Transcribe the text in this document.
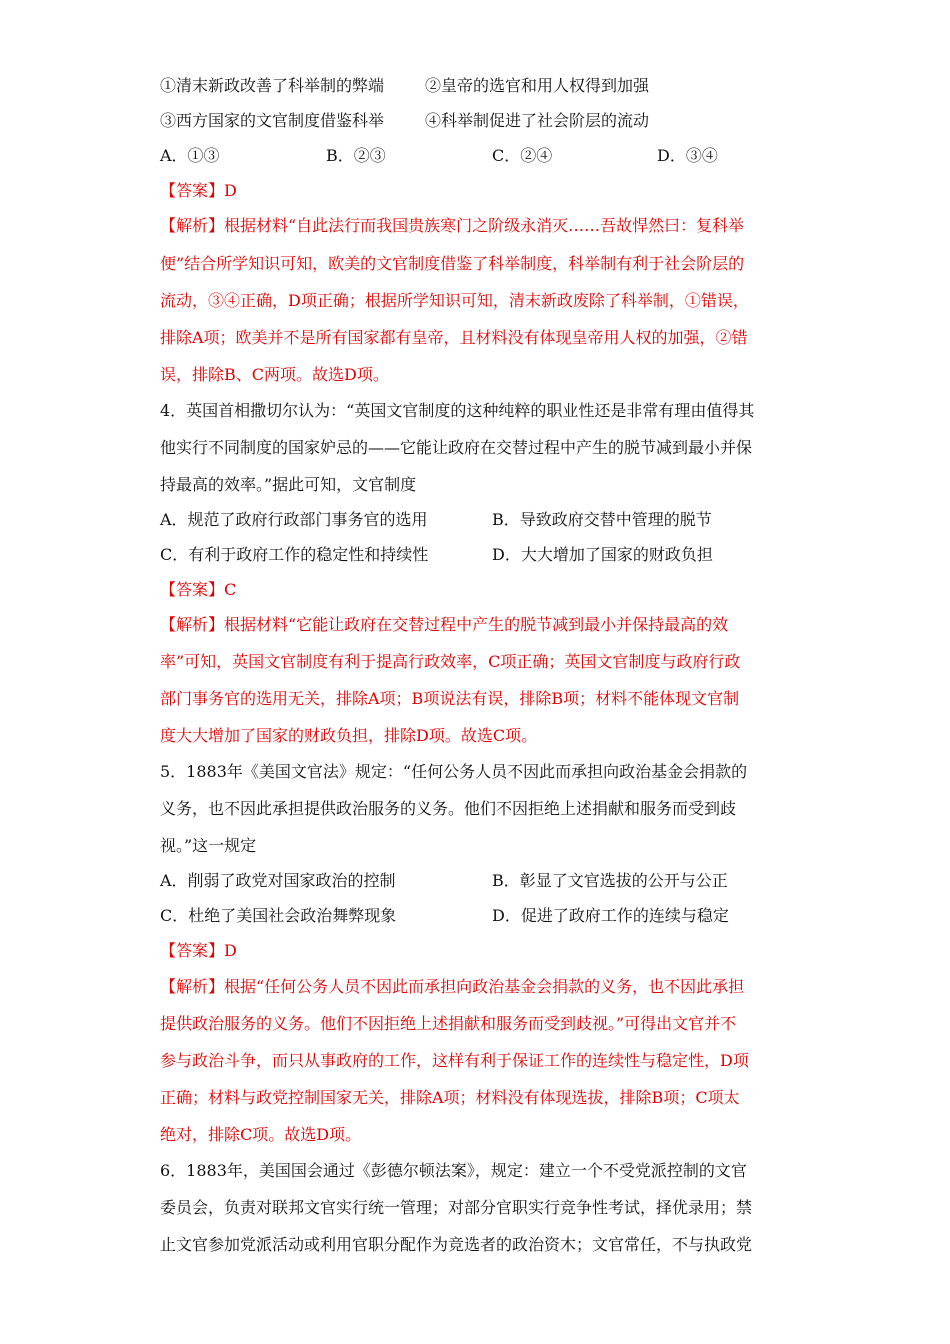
①清末新政改善了科举制的弊端	②皇帝的选官和用人权得到加强
③西方国家的文官制度借鉴科举	④科举制促进了社会阶层的流动
A．①③	B．②③	C．②④	D．③④
【答案】D
【解析】根据材料“自此法行而我国贵族寒门之阶级永消灭……吾故悍然曰：复科举
便”结合所学知识可知，欧美的文官制度借鉴了科举制度，科举制有利于社会阶层的
流动，③④正确，D项正确；根据所学知识可知，清末新政废除了科举制，①错误，
排除A项；欧美并不是所有国家都有皇帝，且材料没有体现皇帝用人权的加强，②错
误，排除B、C两项。故选D项。
4．英国首相撒切尔认为：“英国文官制度的这种纯粹的职业性还是非常有理由值得其
他实行不同制度的国家妒忌的——它能让政府在交替过程中产生的脱节减到最小并保
持最高的效率。”据此可知，文官制度
A．规范了政府行政部门事务官的选用	B．导致政府交替中管理的脱节
C．有利于政府工作的稳定性和持续性	D．大大增加了国家的财政负担
【答案】C
【解析】根据材料“它能让政府在交替过程中产生的脱节减到最小并保持最高的效
率”可知，英国文官制度有利于提高行政效率，C项正确；英国文官制度与政府行政
部门事务官的选用无关，排除A项；B项说法有误，排除B项；材料不能体现文官制
度大大增加了国家的财政负担，排除D项。故选C项。
5．1883年《美国文官法》规定：“任何公务人员不因此而承担向政治基金会捐款的
义务，也不因此承担提供政治服务的义务。他们不因拒绝上述捐献和服务而受到歧
视。”这一规定
A．削弱了政党对国家政治的控制	B．彰显了文官选拔的公开与公正
C．杜绝了美国社会政治舞弊现象	D．促进了政府工作的连续与稳定
【答案】D
【解析】根据“任何公务人员不因此而承担向政治基金会捐款的义务，也不因此承担
提供政治服务的义务。他们不因拒绝上述捐献和服务而受到歧视。”可得出文官并不
参与政治斗争，而只从事政府的工作，这样有利于保证工作的连续性与稳定性，D项
正确；材料与政党控制国家无关，排除A项；材料没有体现选拔，排除B项；C项太
绝对，排除C项。故选D项。
6．1883年，美国国会通过《彭德尔顿法案》，规定：建立一个不受党派控制的文官
委员会，负责对联邦文官实行统一管理；对部分官职实行竞争性考试，择优录用；禁
止文官参加党派活动或利用官职分配作为竞选者的政治资木；文官常任，不与执政党
